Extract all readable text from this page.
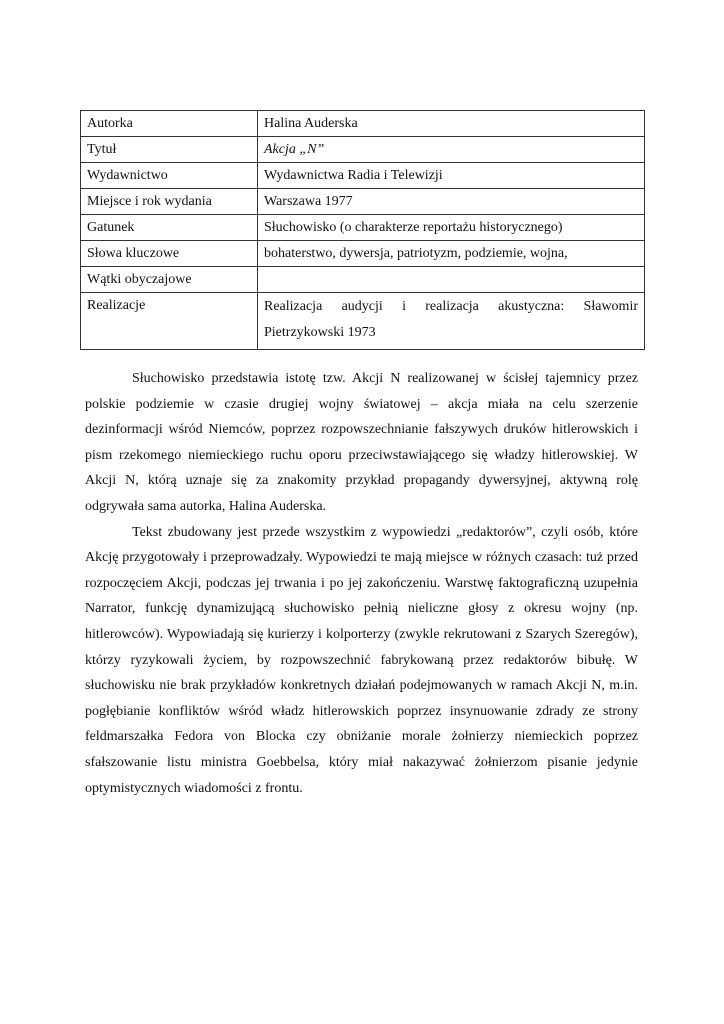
Autorka	Halina Auderska
Tytuł	Akcja „N”
Wydawnictwo	Wydawnictwa Radia i Telewizji
Miejsce i rok wydania	Warszawa 1977
Gatunek	Słuchowisko (o charakterze reportażu historycznego)
Słowa kluczowe	bohaterstwo, dywersja, patriotyzm, podziemie, wojna,
Wątki obyczajowe	
Realizacje	Realizacja audycji i realizacja akustyczna: Sławomir Pietrzykowski 1973

Słuchowisko przedstawia istotę tzw. Akcji N realizowanej w ścisłej tajemnicy przez polskie podziemie w czasie drugiej wojny światowej – akcja miała na celu szerzenie dezinformacji wśród Niemców, poprzez rozpowszechnianie fałszywych druków hitlerowskich i pism rzekomego niemieckiego ruchu oporu przeciwstawiającego się władzy hitlerowskiej. W Akcji N, którą uznaje się za znakomity przykład propagandy dywersyjnej, aktywną rolę odgrywała sama autorka, Halina Auderska.

Tekst zbudowany jest przede wszystkim z wypowiedzi „redaktorów”, czyli osób, które Akcję przygotowały i przeprowadzały. Wypowiedzi te mają miejsce w różnych czasach: tuż przed rozpoczęciem Akcji, podczas jej trwania i po jej zakończeniu. Warstwę faktograficzną uzupełnia Narrator, funkcję dynamizującą słuchowisko pełnią nieliczne głosy z okresu wojny (np. hitlerowców). Wypowiadają się kurierzy i kolporterzy (zwykle rekrutowani z Szarych Szeregów), którzy ryzykowali życiem, by rozpowszechnić fabrykowaną przez redaktorów bibułę. W słuchowisku nie brak przykładów konkretnych działań podejmowanych w ramach Akcji N, m.in. pogłębianie konfliktów wśród władz hitlerowskich poprzez insynuowanie zdrady ze strony feldmarszałka Fedora von Blocka czy obniżanie morale żołnierzy niemieckich poprzez sfałszowanie listu ministra Goebbelsa, który miał nakazywać żołnierzom pisanie jedynie optymistycznych wiadomości z frontu.
